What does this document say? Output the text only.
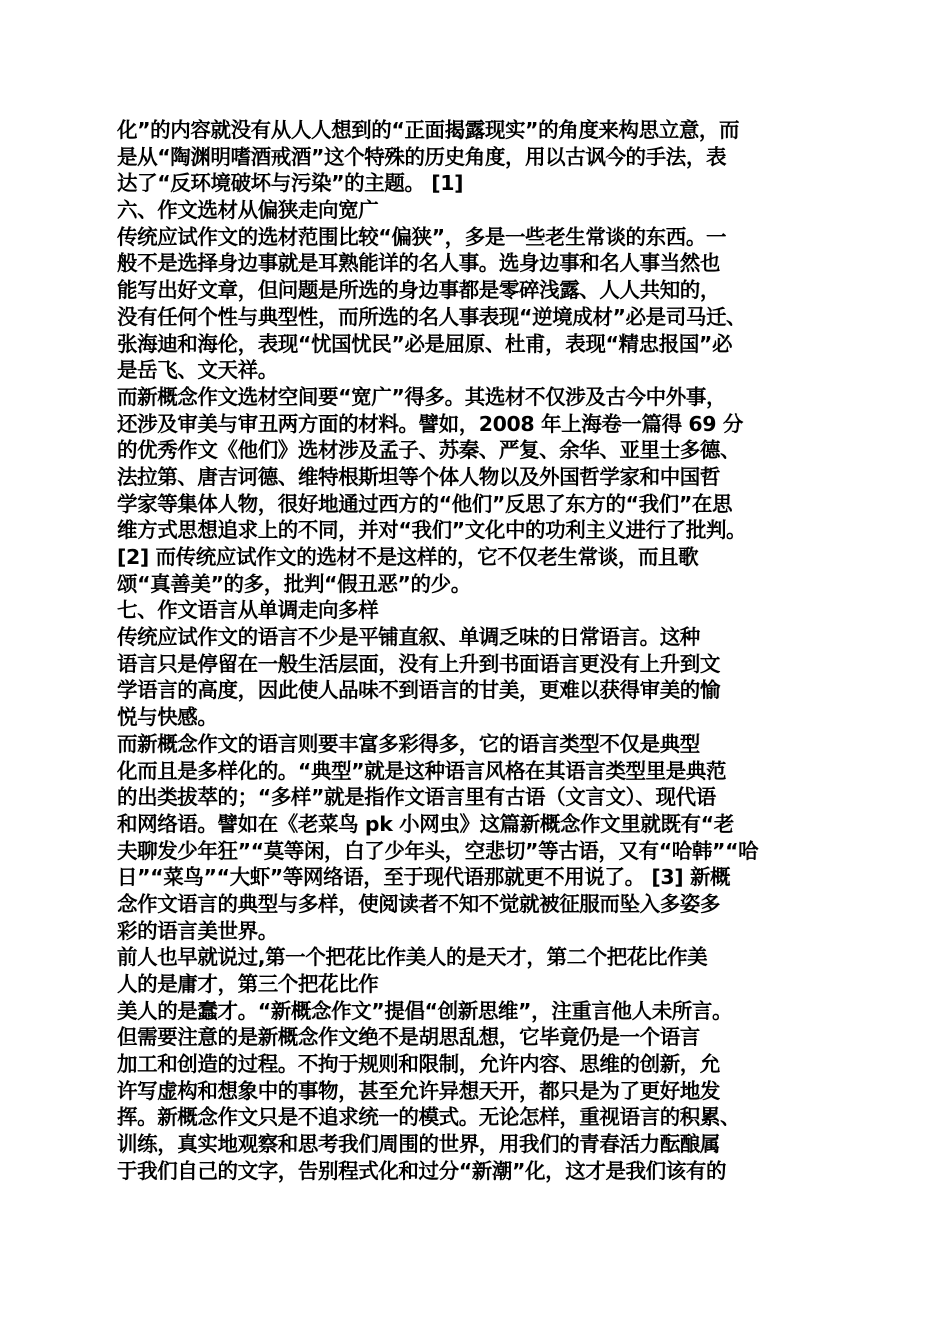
化”的内容就没有从人人想到的“正面揭露现实”的角度来构思立意，而
是从“陶渊明嗜酒戒酒”这个特殊的历史角度，用以古讽今的手法，表
达了“反环境破坏与污染”的主题。 [1]
六、作文选材从偏狭走向宽广
传统应试作文的选材范围比较“偏狭”，多是一些老生常谈的东西。一
般不是选择身边事就是耳熟能详的名人事。选身边事和名人事当然也
能写出好文章，但问题是所选的身边事都是零碎浅露、人人共知的，
没有任何个性与典型性，而所选的名人事表现“逆境成材”必是司马迁、
张海迪和海伦，表现“忧国忧民”必是屈原、杜甫，表现“精忠报国”必
是岳飞、文天祥。
而新概念作文选材空间要“宽广”得多。其选材不仅涉及古今中外事，
还涉及审美与审丑两方面的材料。譬如，2008 年上海卷一篇得 69 分
的优秀作文《他们》选材涉及孟子、苏秦、严复、余华、亚里士多德、
法拉第、唐吉诃德、维特根斯坦等个体人物以及外国哲学家和中国哲
学家等集体人物，很好地通过西方的“他们”反思了东方的“我们”在思
维方式思想追求上的不同，并对“我们”文化中的功利主义进行了批判。
[2] 而传统应试作文的选材不是这样的，它不仅老生常谈，而且歌
颂“真善美”的多，批判“假丑恶”的少。
七、作文语言从单调走向多样
传统应试作文的语言不少是平铺直叙、单调乏味的日常语言。这种
语言只是停留在一般生活层面，没有上升到书面语言更没有上升到文
学语言的高度，因此使人品味不到语言的甘美，更难以获得审美的愉
悦与快感。
而新概念作文的语言则要丰富多彩得多，它的语言类型不仅是典型
化而且是多样化的。“典型”就是这种语言风格在其语言类型里是典范
的出类拔萃的；“多样”就是指作文语言里有古语（文言文）、现代语
和网络语。譬如在《老菜鸟 pk 小网虫》这篇新概念作文里就既有“老
夫聊发少年狂”“莫等闲，白了少年头，空悲切”等古语，又有“哈韩”“哈
日”“菜鸟”“大虾”等网络语，至于现代语那就更不用说了。 [3] 新概
念作文语言的典型与多样，使阅读者不知不觉就被征服而坠入多姿多
彩的语言美世界。
前人也早就说过,第一个把花比作美人的是天才，第二个把花比作美
人的是庸才，第三个把花比作
美人的是蠢才。“新概念作文”提倡“创新思维”，注重言他人未所言。
但需要注意的是新概念作文绝不是胡思乱想，它毕竟仍是一个语言
加工和创造的过程。不拘于规则和限制，允许内容、思维的创新，允
许写虚构和想象中的事物，甚至允许异想天开，都只是为了更好地发
挥。新概念作文只是不追求统一的模式。无论怎样，重视语言的积累、
训练，真实地观察和思考我们周围的世界，用我们的青春活力酝酿属
于我们自己的文字，告别程式化和过分“新潮”化，这才是我们该有的
